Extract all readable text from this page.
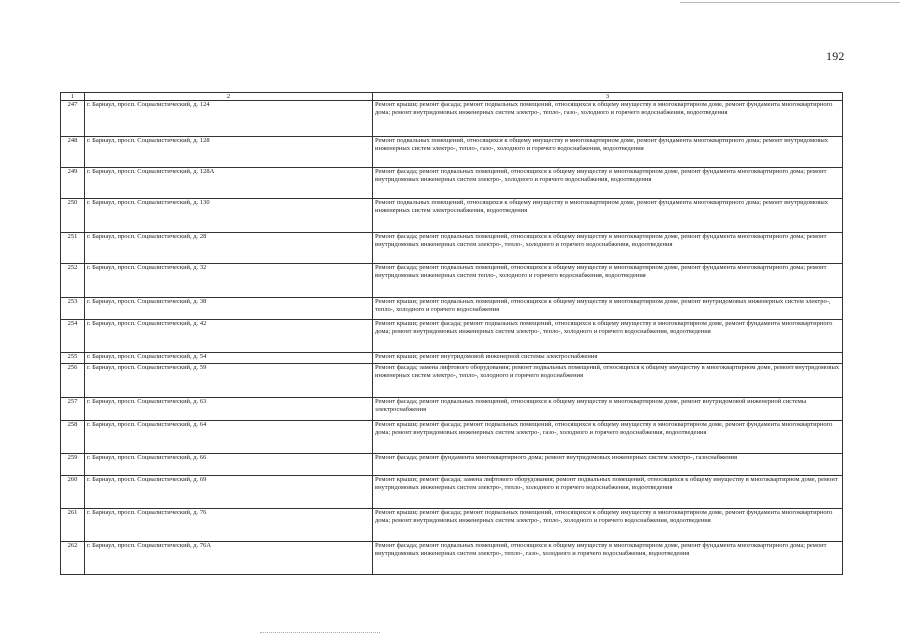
192
1	2	3
247	г. Барнаул, просп. Социалистический, д. 124	Ремонт крыши; ремонт фасада; ремонт подвальных помещений, относящихся к общему имуществу в многоквартирном доме, ремонт фундамента многоквартирного дома; ремонт внутридомовых инженерных систем электро-, тепло-, газо-, холодного и горячего водоснабжения, водоотведения
248	г. Барнаул, просп. Социалистический, д. 128	Ремонт подвальных помещений, относящихся к общему имуществу в многоквартирном доме, ремонт фундамента многоквартирного дома; ремонт внутридомовых инженерных систем электро-, тепло-, газо-, холодного и горячего водоснабжения, водоотведения
249	г. Барнаул, просп. Социалистический, д. 128А	Ремонт фасада; ремонт подвальных помещений, относящихся к общему имуществу в многоквартирном доме, ремонт фундамента многоквартирного дома; ремонт внутридомовых инженерных систем электро-, холодного и горячего водоснабжения, водоотведения
250	г. Барнаул, просп. Социалистический, д. 130	Ремонт подвальных помещений, относящихся к общему имуществу в многоквартирном доме, ремонт фундамента многоквартирного дома; ремонт внутридомовых инженерных систем электроснабжения, водоотведения
251	г. Барнаул, просп. Социалистический, д. 28	Ремонт фасада; ремонт подвальных помещений, относящихся к общему имуществу в многоквартирном доме, ремонт фундамента многоквартирного дома; ремонт внутридомовых инженерных систем электро-, тепло-, холодного и горячего водоснабжения, водоотведения
252	г. Барнаул, просп. Социалистический, д. 32	Ремонт фасада; ремонт подвальных помещений, относящихся к общему имуществу в многоквартирном доме, ремонт фундамента многоквартирного дома; ремонт внутридомовых инженерных систем тепло-, холодного и горячего водоснабжения, водоотведения
253	г. Барнаул, просп. Социалистический, д. 38	Ремонт крыши; ремонт подвальных помещений, относящихся к общему имуществу в многоквартирном доме, ремонт внутридомовых инженерных систем электро-, тепло-, холодного и горячего водоснабжения
254	г. Барнаул, просп. Социалистический, д. 42	Ремонт крыши; ремонт фасада; ремонт подвальных помещений, относящихся к общему имуществу в многоквартирном доме, ремонт фундамента многоквартирного дома; ремонт внутридомовых инженерных систем электро-, тепло-, холодного и горячего водоснабжения, водоотведения
255	г. Барнаул, просп. Социалистический, д. 54	Ремонт крыши; ремонт внутридомовой инженерной системы электроснабжения
256	г. Барнаул, просп. Социалистический, д. 59	Ремонт фасада; замена лифтового оборудования; ремонт подвальных помещений, относящихся к общему имуществу в многоквартирном доме, ремонт внутридомовых инженерных систем электро-, тепло-, холодного и горячего водоснабжения
257	г. Барнаул, просп. Социалистический, д. 63	Ремонт фасада; ремонт подвальных помещений, относящихся к общему имуществу в многоквартирном доме, ремонт внутридомовой инженерной системы электроснабжения
258	г. Барнаул, просп. Социалистический, д. 64	Ремонт крыши; ремонт фасада; ремонт подвальных помещений, относящихся к общему имуществу в многоквартирном доме, ремонт фундамента многоквартирного дома; ремонт внутридомовых инженерных систем электро-, газо-, холодного и горячего водоснабжения, водоотведения
259	г. Барнаул, просп. Социалистический, д. 66	Ремонт фасада; ремонт фундамента многоквартирного дома; ремонт внутридомовых инженерных систем электро-, газоснабжения
260	г. Барнаул, просп. Социалистический, д. 69	Ремонт крыши; ремонт фасада; замена лифтового оборудования; ремонт подвальных помещений, относящихся к общему имуществу в многоквартирном доме, ремонт внутридомовых инженерных систем электро-, тепло-, холодного и горячего водоснабжения, водоотведения
261	г. Барнаул, просп. Социалистический, д. 76	Ремонт крыши; ремонт фасада; ремонт подвальных помещений, относящихся к общему имуществу в многоквартирном доме, ремонт фундамента многоквартирного дома; ремонт внутридомовых инженерных систем электро-, тепло-, холодного и горячего водоснабжения, водоотведения
262	г. Барнаул, просп. Социалистический, д. 76А	Ремонт фасада; ремонт подвальных помещений, относящихся к общему имуществу в многоквартирном доме, ремонт фундамента многоквартирного дома; ремонт внутридомовых инженерных систем электро-, тепло-, газо-, холодного и горячего водоснабжения, водоотведения
